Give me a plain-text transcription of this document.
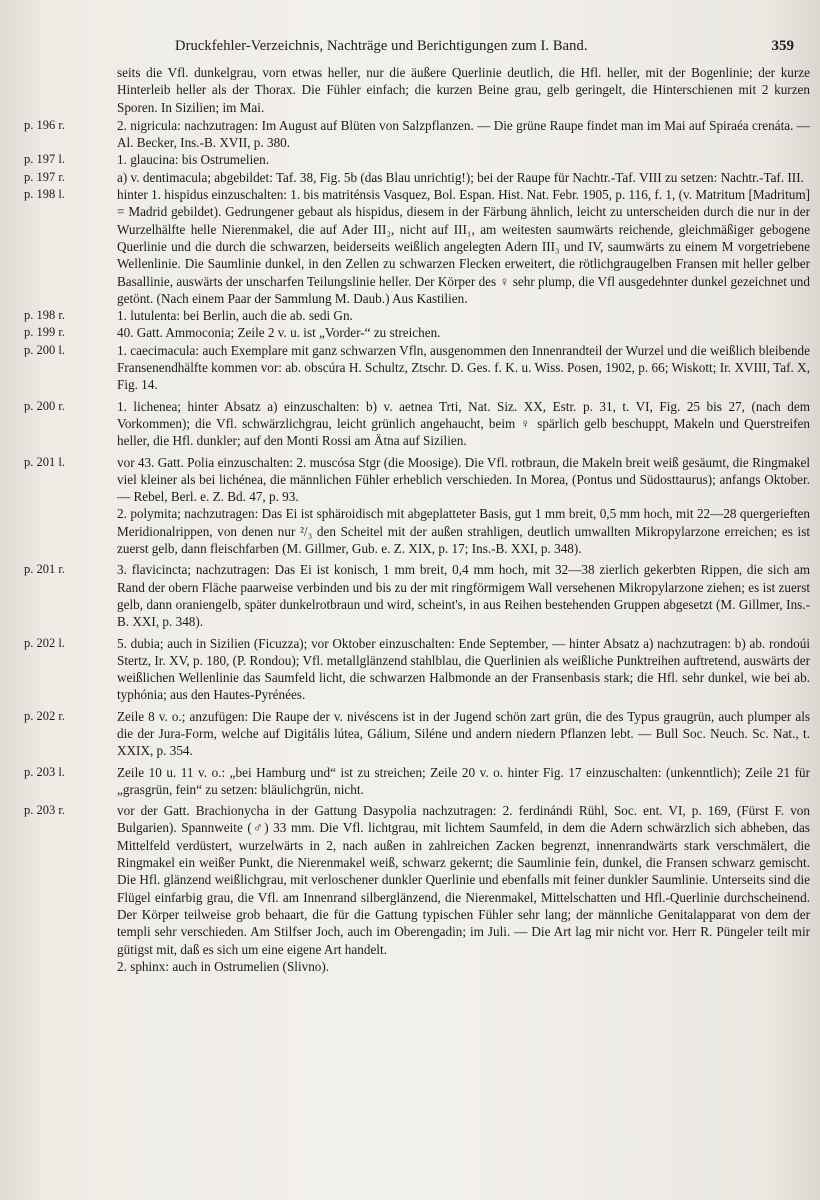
Druckfehler-Verzeichnis, Nachträge und Berichtigungen zum I. Band.	359
seits die Vfl. dunkelgrau, vorn etwas heller, nur die äußere Querlinie deutlich, die Hfl. heller, mit der Bogenlinie; der kurze Hinterleib heller als der Thorax. Die Fühler einfach; die kurzen Beine grau, gelb geringelt, die Hinterschienen mit 2 kurzen Sporen. In Sizilien; im Mai.
p. 196 r.	2. nigricula: nachzutragen: Im August auf Blüten von Salzpflanzen. — Die grüne Raupe findet man im Mai auf Spiraéa crenáta. — Al. Becker, Ins.-B. XVII, p. 380.
p. 197 l.	1. glaucina: bis Ostrumelien.
p. 197 r.	a) v. dentimacula; abgebildet: Taf. 38, Fig. 5b (das Blau unrichtig!); bei der Raupe für Nachtr.-Taf. VIII zu setzen: Nachtr.-Taf. III.
p. 198 l.	hinter 1. hispidus einzuschalten: 1. bis matriténsis Vasquez, Bol. Espan. Hist. Nat. Febr. 1905, p. 116, f. 1, (v. Matritum [Madritum] = Madrid gebildet). Gedrungener gebaut als hispidus, diesem in der Färbung ähnlich, leicht zu unterscheiden durch die nur in der Wurzelhälfte helle Nierenmakel, die auf Ader III₂, nicht auf III₁, am weitesten saumwärts reichende, gleichmäßiger gebogene Querlinie und die durch die schwarzen, beiderseits weißlich angelegten Adern III₃ und IV, saumwärts zu einem M vorgetriebene Wellenlinie. Die Saumlinie dunkel, in den Zellen zu schwarzen Flecken erweitert, die rötlichgraugelben Fransen mit heller gelber Basallinie, auswärts der unscharfen Teilungslinie heller. Der Körper des ♀ sehr plump, die Vfl ausgedehnter dunkel gezeichnet und getönt. (Nach einem Paar der Sammlung M. Daub.) Aus Kastilien.
p. 198 r.	1. lutulenta: bei Berlin, auch die ab. sedi Gn.
p. 199 r.	40. Gatt. Ammoconia; Zeile 2 v. u. ist „Vorder-“ zu streichen.
p. 200 l.	1. caecimacula: auch Exemplare mit ganz schwarzen Vfln, ausgenommen den Innenrandteil der Wurzel und die weißlich bleibende Fransenendhälfte kommen vor: ab. obscúra H. Schultz, Ztschr. D. Ges. f. K. u. Wiss. Posen, 1902, p. 66; Wiskott; Ir. XVIII, Taf. X, Fig. 14.
p. 200 r.	1. lichenea; hinter Absatz a) einzuschalten: b) v. aetnea Trti, Nat. Siz. XX, Estr. p. 31, t. VI, Fig. 25 bis 27, (nach dem Vorkommen); die Vfl. schwärzlichgrau, leicht grünlich angehaucht, beim ♀ spärlich gelb beschuppt, Makeln und Querstreifen heller, die Hfl. dunkler; auf den Monti Rossi am Ätna auf Sizilien.
p. 201 l.	vor 43. Gatt. Polia einzuschalten: 2. muscósa Stgr (die Moosige). Die Vfl. rotbraun, die Makeln breit weiß gesäumt, die Ringmakel viel kleiner als bei lichénea, die männlichen Fühler erheblich verschieden. In Morea, (Pontus und Südosttaurus); anfangs Oktober. — Rebel, Berl. e. Z. Bd. 47, p. 93.
2. polymita; nachzutragen: Das Ei ist sphäroidisch mit abgeplatteter Basis, gut 1 mm breit, 0,5 mm hoch, mit 22—28 quergerieften Meridionalrippen, von denen nur ²/₃ den Scheitel mit der außen strahligen, deutlich umwallten Mikropylarzone erreichen; es ist zuerst gelb, dann fleischfarben (M. Gillmer, Gub. e. Z. XIX, p. 17; Ins.-B. XXI, p. 348).
p. 201 r.	3. flavicincta; nachzutragen: Das Ei ist konisch, 1 mm breit, 0,4 mm hoch, mit 32—38 zierlich gekerbten Rippen, die sich am Rand der obern Fläche paarweise verbinden und bis zu der mit ringförmigem Wall versehenen Mikropylarzone ziehen; es ist zuerst gelb, dann oraniengelb, später dunkelrotbraun und wird, scheint's, in aus Reihen bestehenden Gruppen abgesetzt (M. Gillmer, Ins.-B. XXI, p. 348).
p. 202 l.	5. dubia; auch in Sizilien (Ficuzza); vor Oktober einzuschalten: Ende September, — hinter Absatz a) nachzutragen: b) ab. rondoúi Stertz, Ir. XV, p. 180, (P. Rondou); Vfl. metallglänzend stahlblau, die Querlinien als weißliche Punktreihen auftretend, auswärts der weißlichen Wellenlinie das Saumfeld licht, die schwarzen Halbmonde an der Fransenbasis stark; die Hfl. sehr dunkel, wie bei ab. typhónia; aus den Hautes-Pyrénées.
p. 202 r.	Zeile 8 v. o.; anzufügen: Die Raupe der v. nivéscens ist in der Jugend schön zart grün, die des Typus graugrün, auch plumper als die der Jura-Form, welche auf Digitális lútea, Gálium, Siléne und andern niedern Pflanzen lebt. — Bull Soc. Neuch. Sc. Nat., t. XXIX, p. 354.
p. 203 l.	Zeile 10 u. 11 v. o.: „bei Hamburg und“ ist zu streichen; Zeile 20 v. o. hinter Fig. 17 einzuschalten: (unkenntlich); Zeile 21 für „grasgrün, fein“ zu setzen: bläulichgrün, nicht.
p. 203 r.	vor der Gatt. Brachionycha in der Gattung Dasypolia nachzutragen: 2. ferdinándi Rühl, Soc. ent. VI, p. 169, (Fürst F. von Bulgarien). Spannweite (♂) 33 mm. Die Vfl. lichtgrau, mit lichtem Saumfeld, in dem die Adern schwärzlich sich abheben, das Mittelfeld verdüstert, wurzelwärts in 2, nach außen in zahlreichen Zacken begrenzt, innenrandwärts stark verschmälert, die Ringmakel ein weißer Punkt, die Nierenmakel weiß, schwarz gekernt; die Saumlinie fein, dunkel, die Fransen schwarz gemischt. Die Hfl. glänzend weißlichgrau, mit verloschener dunkler Querlinie und ebenfalls mit feiner dunkler Saumlinie. Unterseits sind die Flügel einfarbig grau, die Vfl. am Innenrand silberglänzend, die Nierenmakel, Mittelschatten und Hfl.-Querlinie durchscheinend. Der Körper teilweise grob behaart, die für die Gattung typischen Fühler sehr lang; der männliche Genitalapparat von dem der templi sehr verschieden. Am Stilfser Joch, auch im Oberengadin; im Juli. — Die Art lag mir nicht vor. Herr R. Püngeler teilt mir gütigst mit, daß es sich um eine eigene Art handelt.
2. sphinx: auch in Ostrumelien (Slivno).
